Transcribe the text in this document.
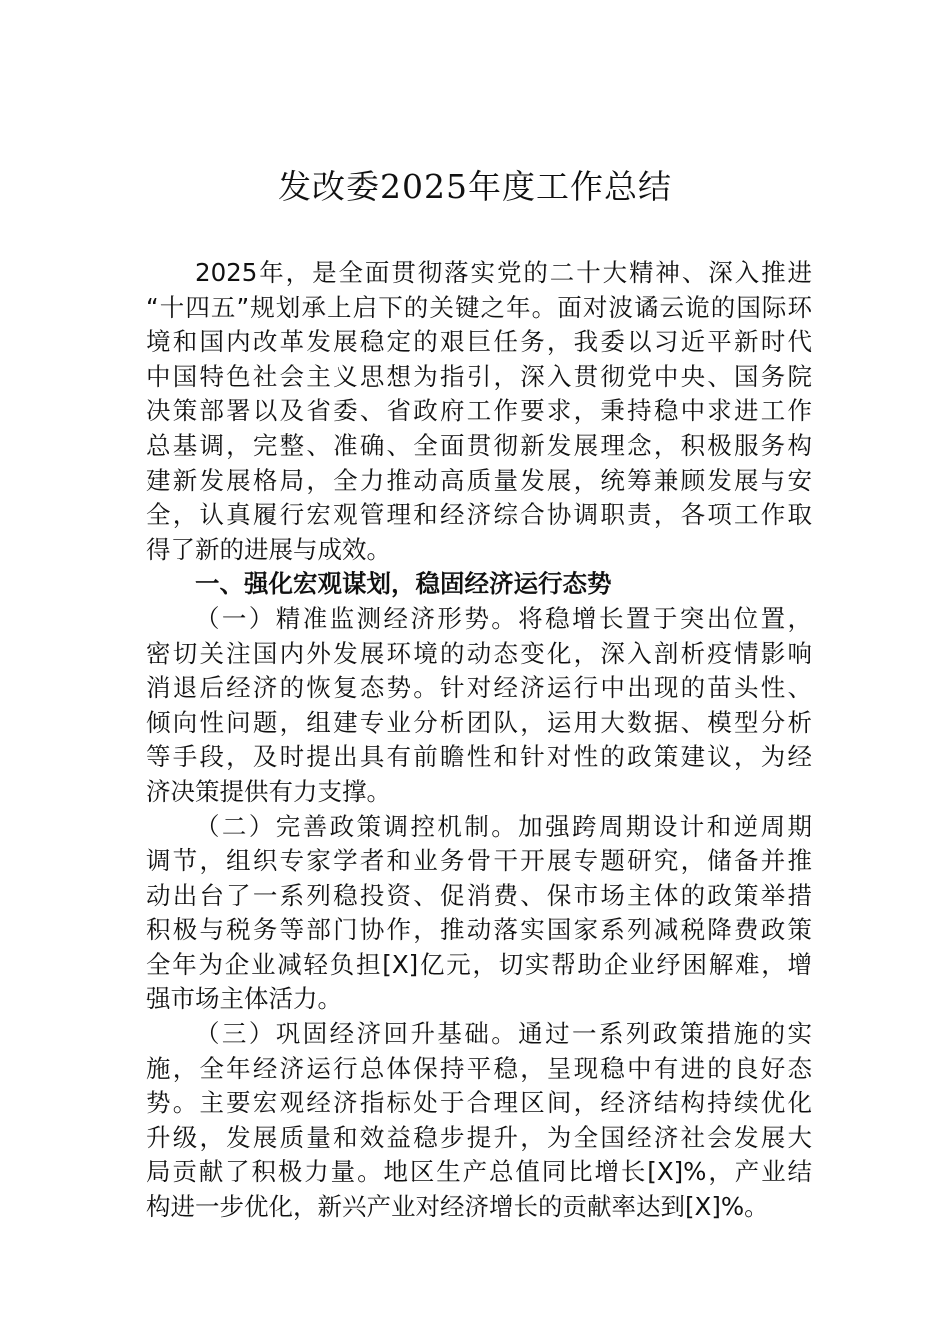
发改委2025年度工作总结
2025年，是全面贯彻落实党的二十大精神、深入推进
“十四五”规划承上启下的关键之年。面对波谲云诡的国际环
境和国内改革发展稳定的艰巨任务，我委以习近平新时代
中国特色社会主义思想为指引，深入贯彻党中央、国务院
决策部署以及省委、省政府工作要求，秉持稳中求进工作
总基调，完整、准确、全面贯彻新发展理念，积极服务构
建新发展格局，全力推动高质量发展，统筹兼顾发展与安
全，认真履行宏观管理和经济综合协调职责，各项工作取
得了新的进展与成效。
一、强化宏观谋划，稳固经济运行态势
（一）精准监测经济形势。将稳增长置于突出位置，
密切关注国内外发展环境的动态变化，深入剖析疫情影响
消退后经济的恢复态势。针对经济运行中出现的苗头性、
倾向性问题，组建专业分析团队，运用大数据、模型分析
等手段，及时提出具有前瞻性和针对性的政策建议，为经
济决策提供有力支撑。
（二）完善政策调控机制。加强跨周期设计和逆周期
调节，组织专家学者和业务骨干开展专题研究，储备并推
动出台了一系列稳投资、促消费、保市场主体的政策举措
积极与税务等部门协作，推动落实国家系列减税降费政策
全年为企业减轻负担[X]亿元，切实帮助企业纾困解难，增
强市场主体活力。
（三）巩固经济回升基础。通过一系列政策措施的实
施，全年经济运行总体保持平稳，呈现稳中有进的良好态
势。主要宏观经济指标处于合理区间，经济结构持续优化
升级，发展质量和效益稳步提升，为全国经济社会发展大
局贡献了积极力量。地区生产总值同比增长[X]%，产业结
构进一步优化，新兴产业对经济增长的贡献率达到[X]%。
